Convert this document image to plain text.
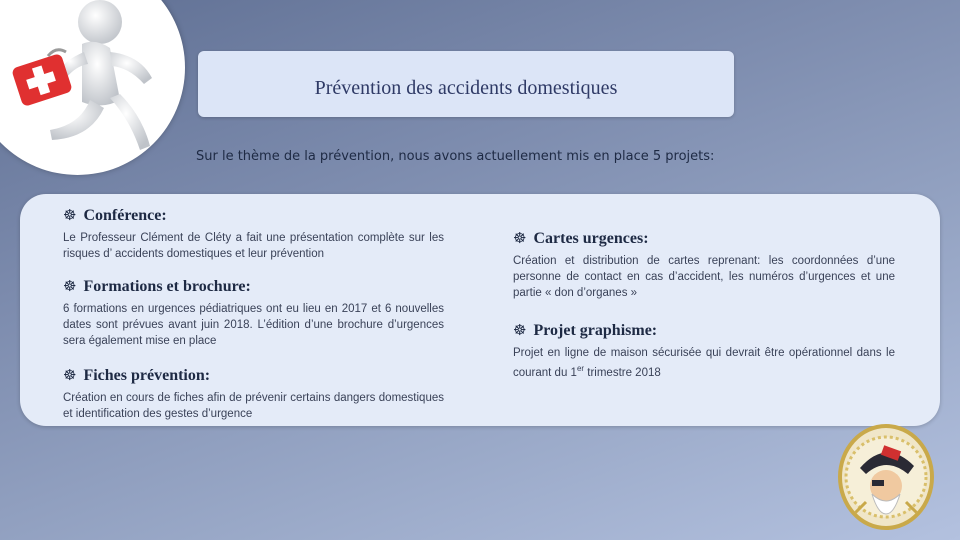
Prévention des accidents domestiques
Sur le thème de la prévention, nous avons actuellement mis en place 5 projets:
☸ Conférence:
Le Professeur Clément de Cléty a fait une présentation complète sur les risques d’ accidents domestiques et leur prévention
☸ Formations et brochure:
6 formations en urgences pédiatriques ont eu lieu en 2017 et 6 nouvelles dates sont prévues avant juin 2018. L’édition d’une brochure d’urgences sera également mise en place
☸ Fiches prévention:
Création en cours de fiches afin de prévenir certains dangers domestiques et identification des gestes d’urgence
☸ Cartes urgences:
Création et distribution de cartes reprenant: les coordonnées d’une personne de contact en cas d’accident, les numéros d’urgences et une partie « don d’organes »
☸ Projet graphisme:
Projet en ligne de maison sécurisée qui devrait être opérationnel dans le courant du 1er trimestre 2018
